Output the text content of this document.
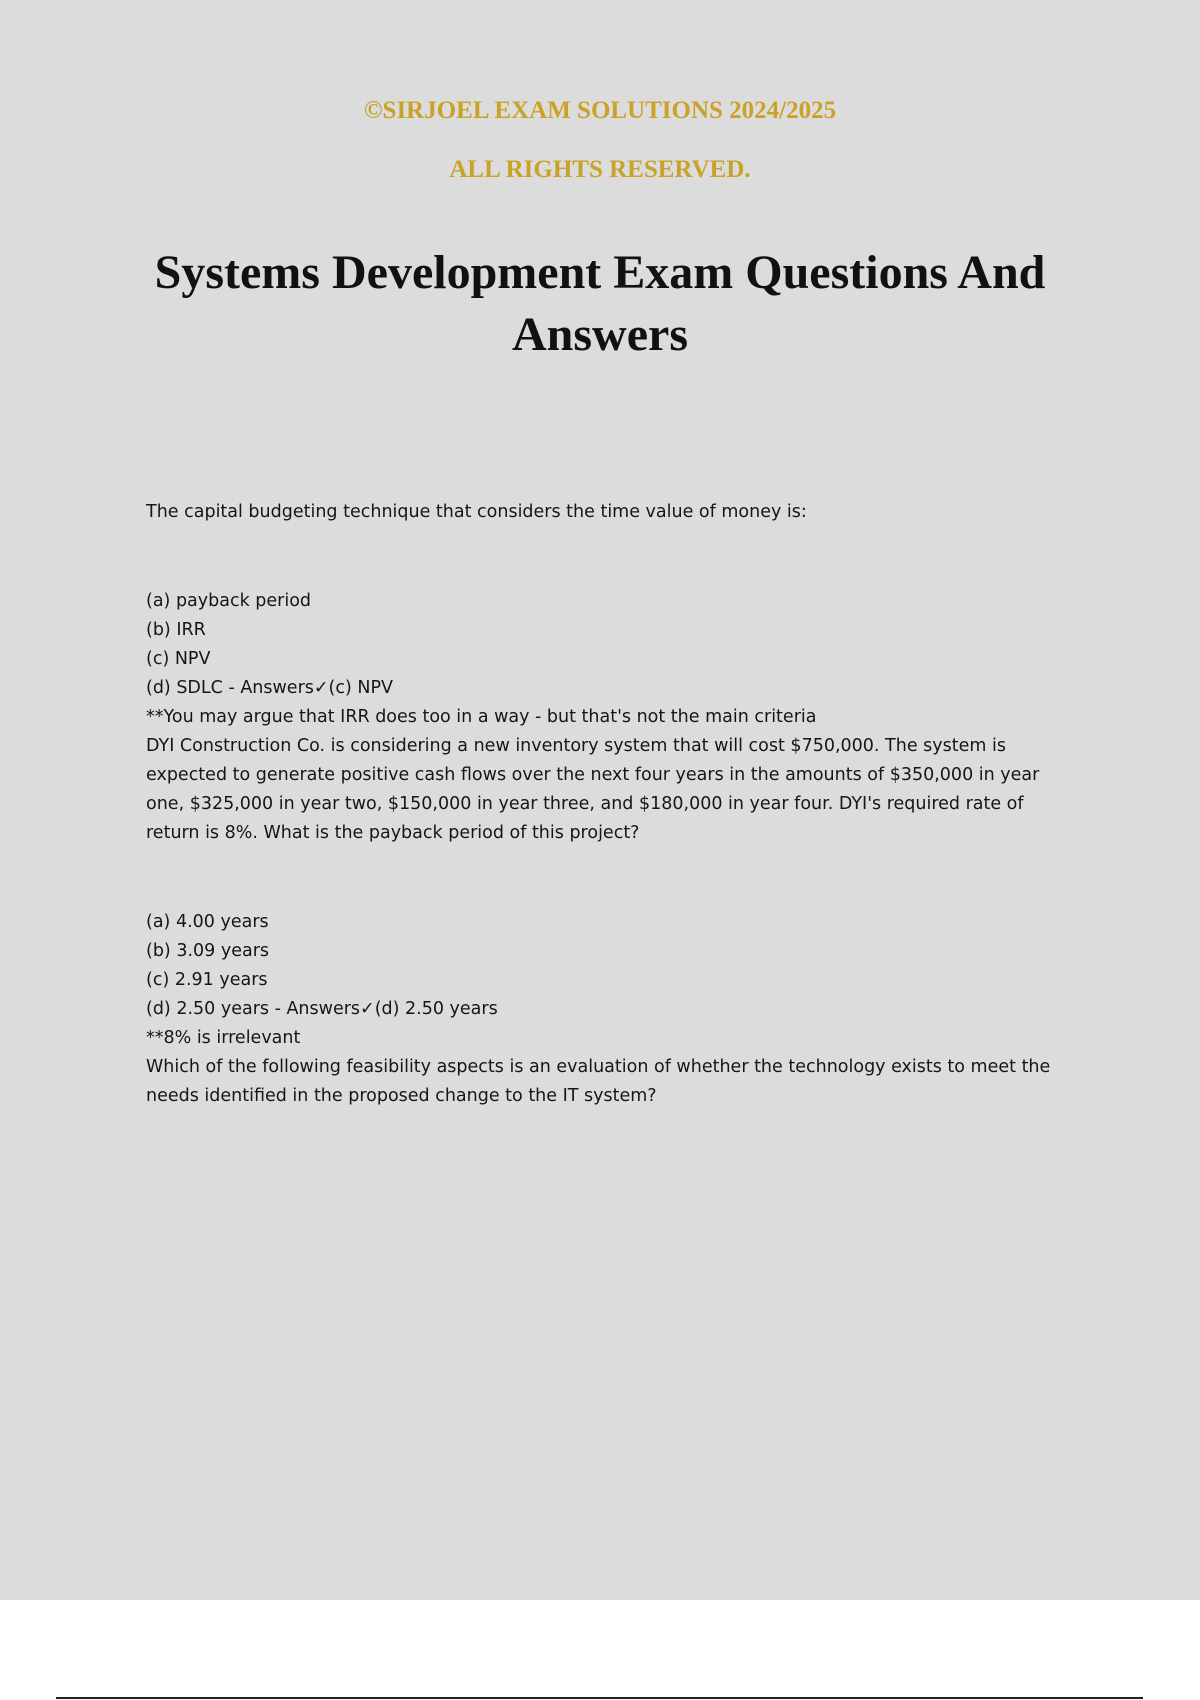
©SIRJOEL EXAM SOLUTIONS 2024/2025
ALL RIGHTS RESERVED.
Systems Development Exam Questions And Answers

The capital budgeting technique that considers the time value of money is:

(a) payback period

(b) IRR

(c) NPV

(d) SDLC - Answers✓(c) NPV

**You may argue that IRR does too in a way - but that's not the main criteria

DYI Construction Co. is considering a new inventory system that will cost $750,000. The system is expected to generate positive cash flows over the next four years in the amounts of $350,000 in year one, $325,000 in year two, $150,000 in year three, and $180,000 in year four. DYI's required rate of return is 8%. What is the payback period of this project?

(a) 4.00 years

(b) 3.09 years

(c) 2.91 years

(d) 2.50 years - Answers✓(d) 2.50 years

**8% is irrelevant

Which of the following feasibility aspects is an evaluation of whether the technology exists to meet the needs identified in the proposed change to the IT system?
